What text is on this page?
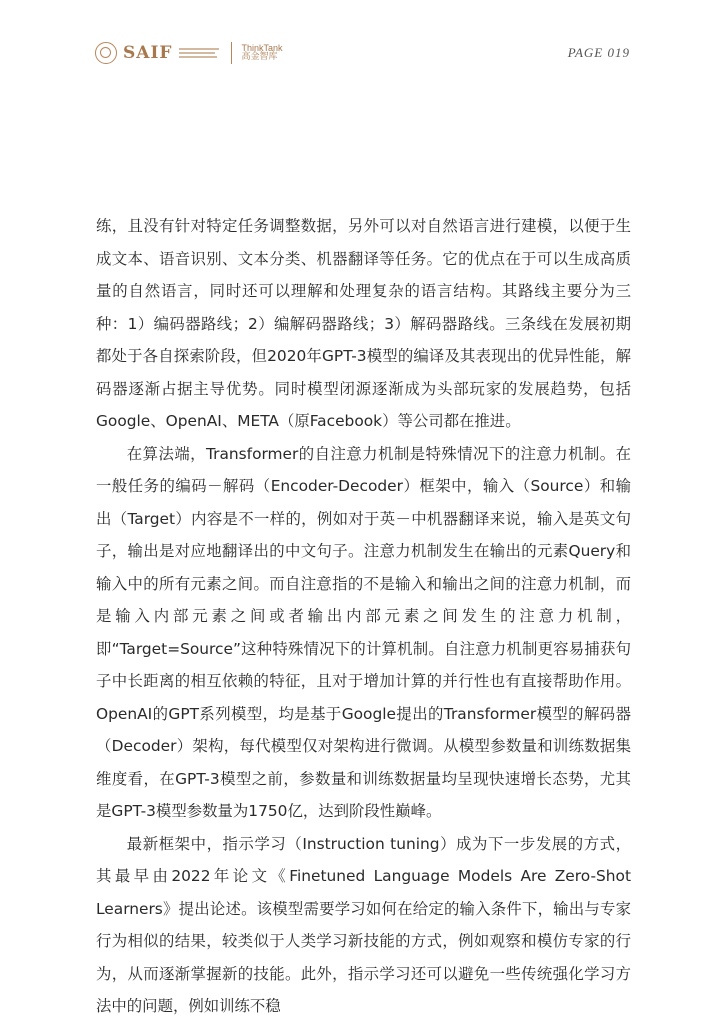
SAIF	ThinkTank
高金智库	PAGE 019

练，且没有针对特定任务调整数据，另外可以对自然语言进行建模，以便于生成文本、语音识别、文本分类、机器翻译等任务。它的优点在于可以生成高质量的自然语言，同时还可以理解和处理复杂的语言结构。其路线主要分为三种：1）编码器路线；2）编解码器路线；3）解码器路线。三条线在发展初期都处于各自探索阶段，但2020年GPT-3模型的编译及其表现出的优异性能，解码器逐渐占据主导优势。同时模型闭源逐渐成为头部玩家的发展趋势，包括Google、OpenAI、META（原Facebook）等公司都在推进。

在算法端，Transformer的自注意力机制是特殊情况下的注意力机制。在一般任务的编码－解码（Encoder-Decoder）框架中，输入（Source）和输出（Target）内容是不一样的，例如对于英－中机器翻译来说，输入是英文句子，输出是对应地翻译出的中文句子。注意力机制发生在输出的元素Query和输入中的所有元素之间。而自注意指的不是输入和输出之间的注意力机制，而是输入内部元素之间或者输出内部元素之间发生的注意力机制，即“Target=Source”这种特殊情况下的计算机制。自注意力机制更容易捕获句子中长距离的相互依赖的特征，且对于增加计算的并行性也有直接帮助作用。OpenAI的GPT系列模型，均是基于Google提出的Transformer模型的解码器（Decoder）架构，每代模型仅对架构进行微调。从模型参数量和训练数据集维度看，在GPT-3模型之前，参数量和训练数据量均呈现快速增长态势，尤其是GPT-3模型参数量为1750亿，达到阶段性巅峰。

最新框架中，指示学习（Instruction tuning）成为下一步发展的方式，其最早由2022年论文《Finetuned Language Models Are Zero-Shot Learners》提出论述。该模型需要学习如何在给定的输入条件下，输出与专家行为相似的结果，较类似于人类学习新技能的方式，例如观察和模仿专家的行为，从而逐渐掌握新的技能。此外，指示学习还可以避免一些传统强化学习方法中的问题，例如训练不稳
